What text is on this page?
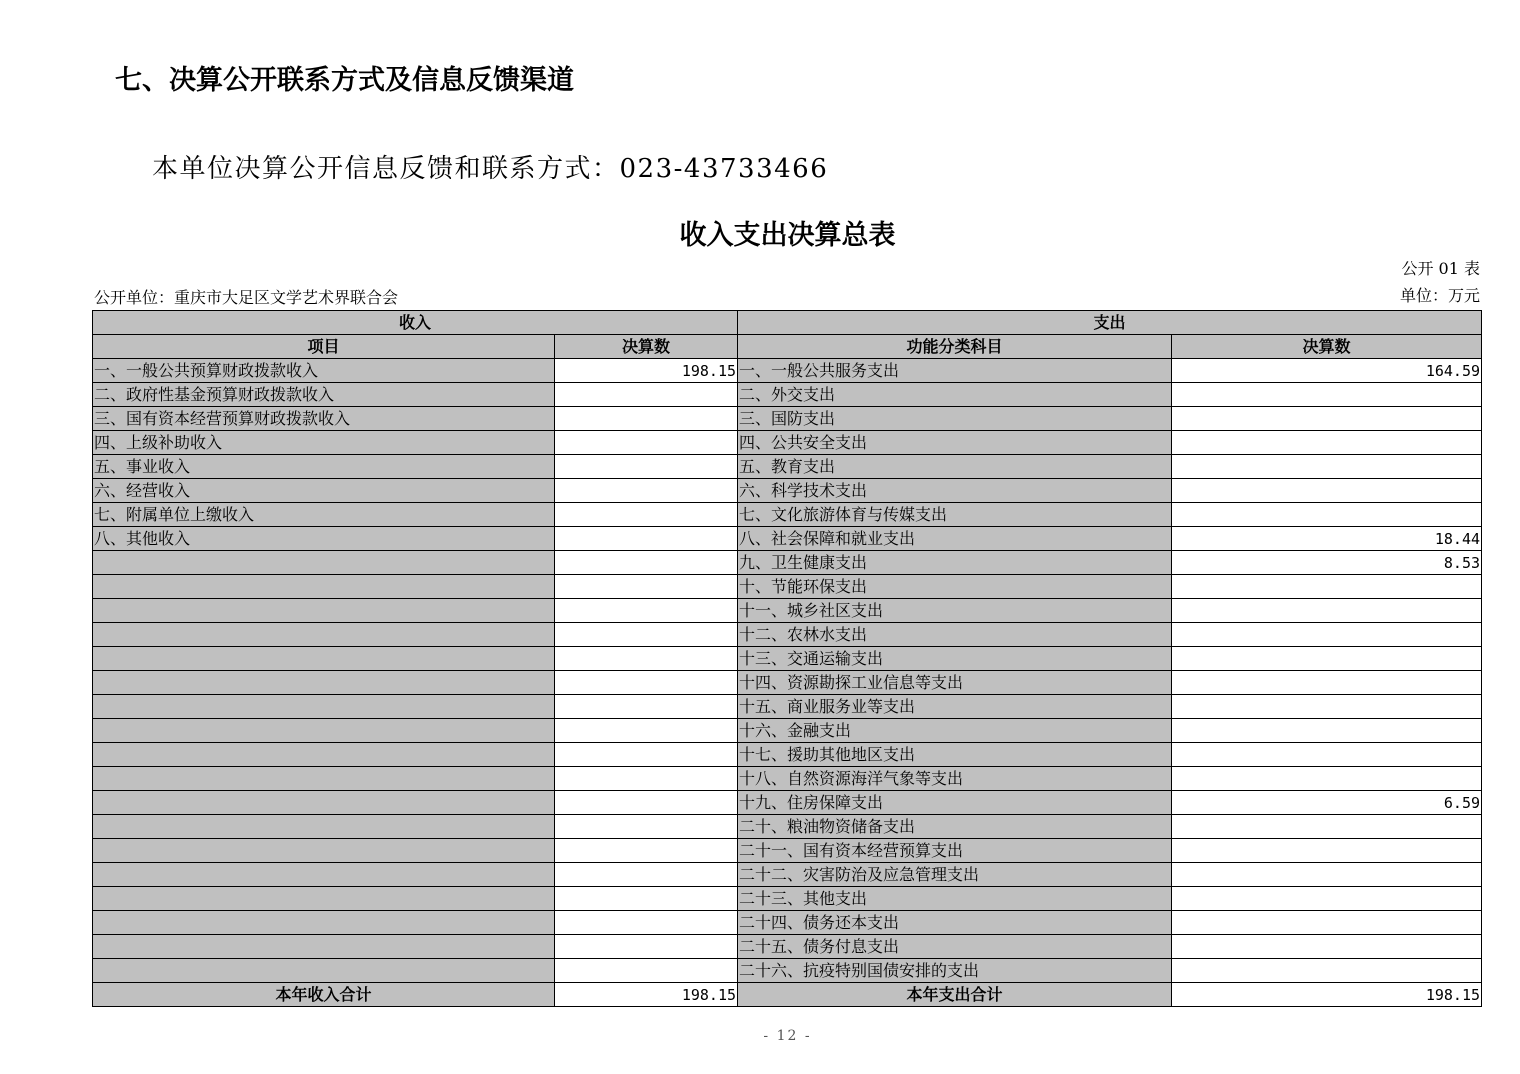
七、决算公开联系方式及信息反馈渠道

本单位决算公开信息反馈和联系方式：023-43733466

收入支出决算总表
公开 01 表
公开单位：重庆市大足区文学艺术界联合会	单位：万元
收入		支出	
项目	决算数	功能分类科目	决算数
一、一般公共预算财政拨款收入	198.15	一、一般公共服务支出	164.59
二、政府性基金预算财政拨款收入		二、外交支出	
三、国有资本经营预算财政拨款收入		三、国防支出	
四、上级补助收入		四、公共安全支出	
五、事业收入		五、教育支出	
六、经营收入		六、科学技术支出	
七、附属单位上缴收入		七、文化旅游体育与传媒支出	
八、其他收入		八、社会保障和就业支出	18.44
		九、卫生健康支出	8.53
		十、节能环保支出	
		十一、城乡社区支出	
		十二、农林水支出	
		十三、交通运输支出	
		十四、资源勘探工业信息等支出	
		十五、商业服务业等支出	
		十六、金融支出	
		十七、援助其他地区支出	
		十八、自然资源海洋气象等支出	
		十九、住房保障支出	6.59
		二十、粮油物资储备支出	
		二十一、国有资本经营预算支出	
		二十二、灾害防治及应急管理支出	
		二十三、其他支出	
		二十四、债务还本支出	
		二十五、债务付息支出	
		二十六、抗疫特别国债安排的支出	
本年收入合计	198.15	本年支出合计	198.15
- 12 -
